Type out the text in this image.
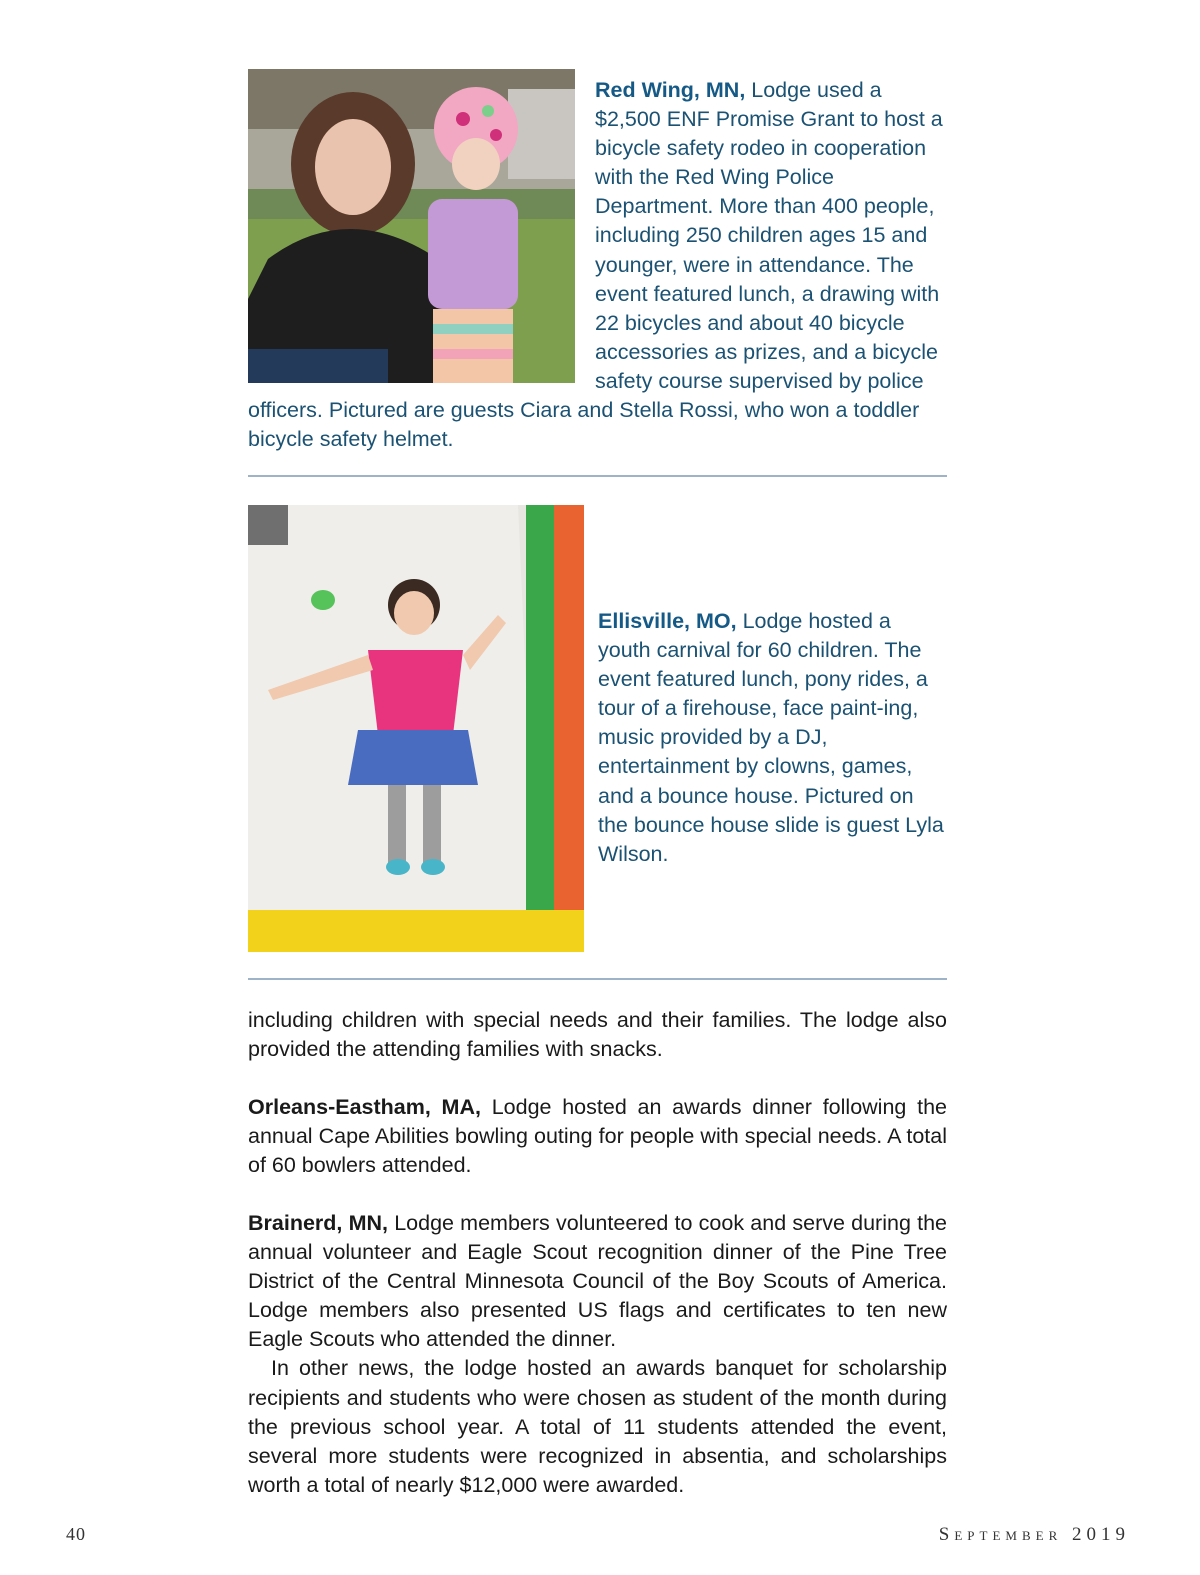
Red Wing, MN, Lodge used a $2,500 ENF Promise Grant to host a bicycle safety rodeo in cooperation with the Red Wing Police Department. More than 400 people, including 250 children ages 15 and younger, were in attendance. The event featured lunch, a drawing with 22 bicycles and about 40 bicycle accessories as prizes, and a bicycle safety course supervised by police officers. Pictured are guests Ciara and Stella Rossi, who won a toddler bicycle safety helmet.

Ellisville, MO, Lodge hosted a youth carnival for 60 children. The event featured lunch, pony rides, a tour of a firehouse, face paint-ing, music provided by a DJ, entertainment by clowns, games, and a bounce house. Pictured on the bounce house slide is guest Lyla Wilson.

including children with special needs and their families. The lodge also provided the attending families with snacks.

Orleans-Eastham, MA, Lodge hosted an awards dinner following the annual Cape Abilities bowling outing for people with special needs. A total of 60 bowlers attended.

Brainerd, MN, Lodge members volunteered to cook and serve during the annual volunteer and Eagle Scout recognition dinner of the Pine Tree District of the Central Minnesota Council of the Boy Scouts of America. Lodge members also presented US flags and certificates to ten new Eagle Scouts who attended the dinner.

In other news, the lodge hosted an awards banquet for scholarship recipients and students who were chosen as student of the month during the previous school year. A total of 11 students attended the event, several more students were recognized in absentia, and scholarships worth a total of nearly $12,000 were awarded.

40	September 2019
